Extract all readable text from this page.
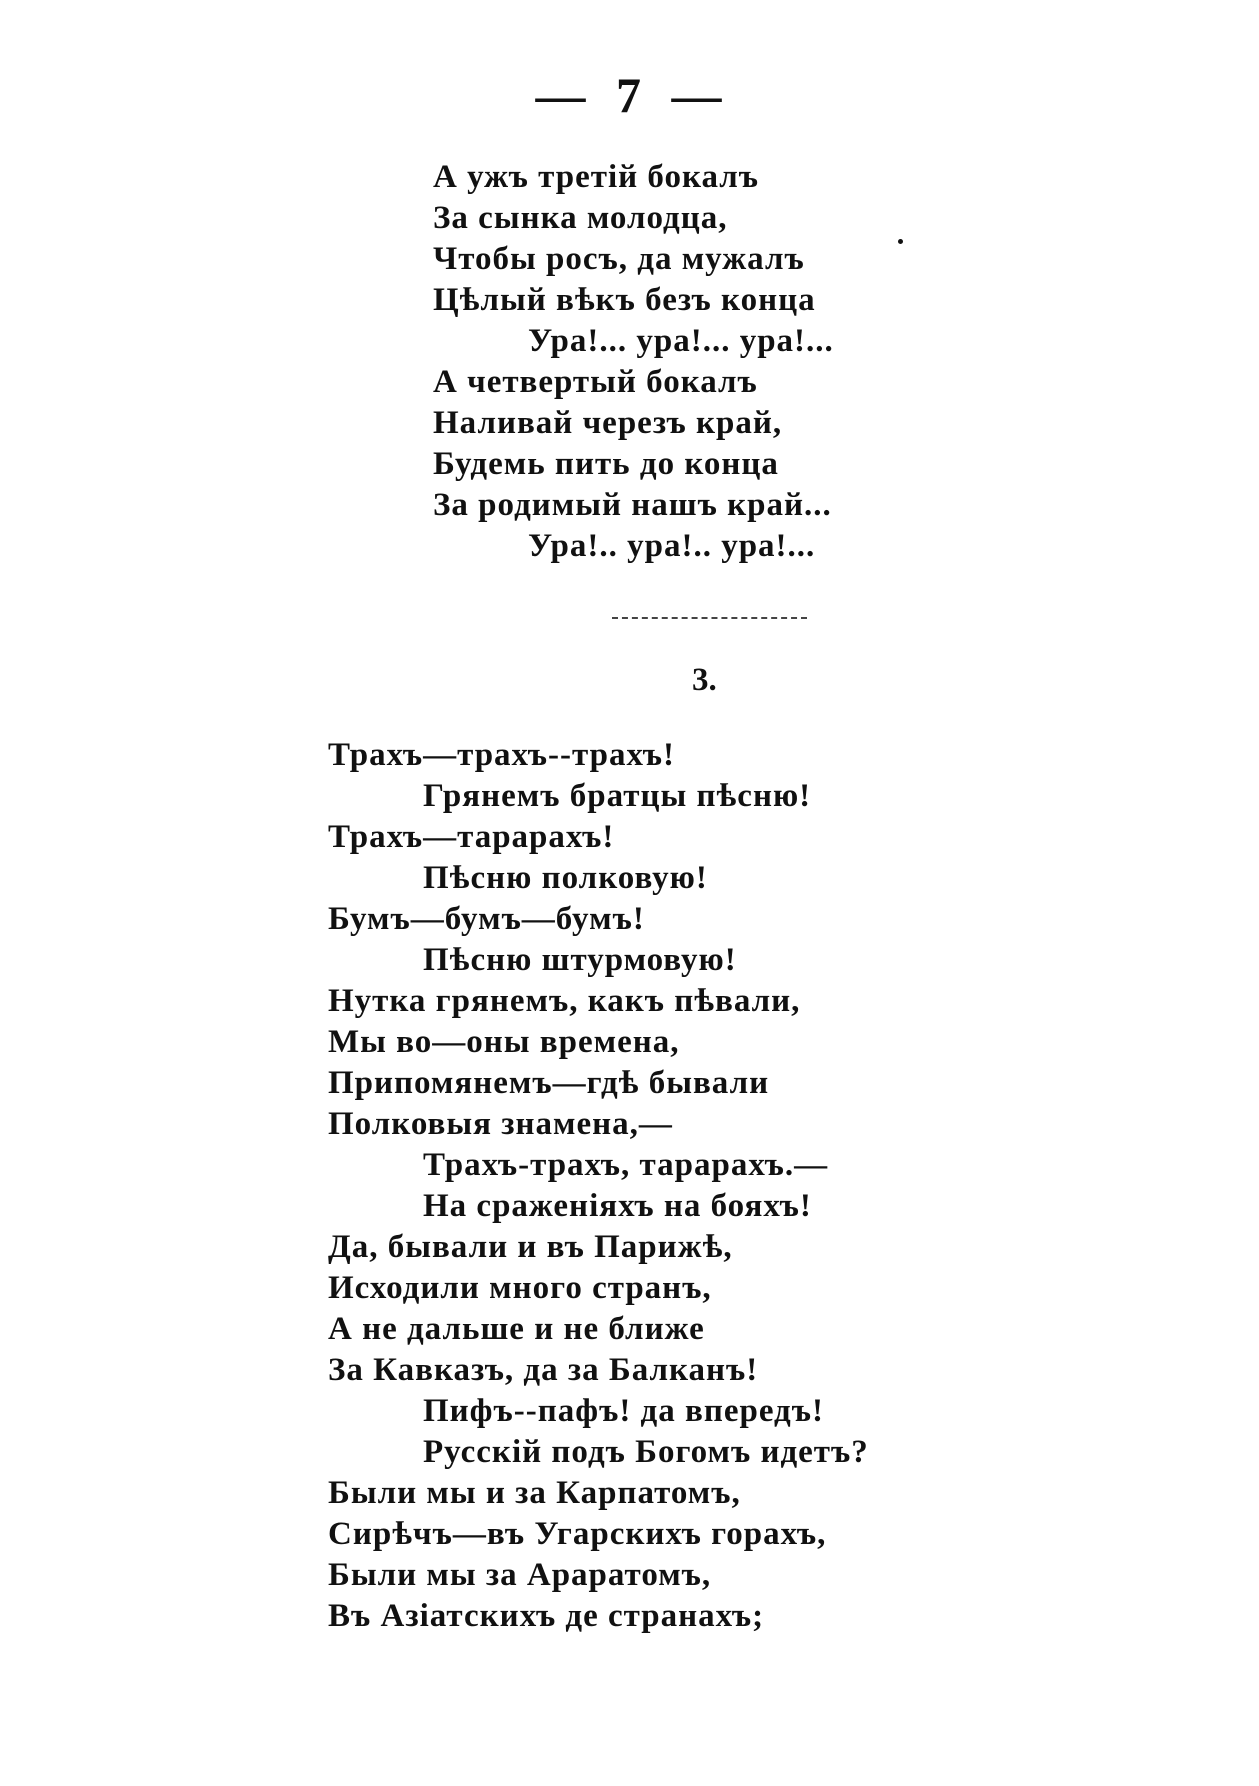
— 7 —
А ужъ третій бокалъ
За сынка молодца,
Чтобы росъ, да мужалъ
Цѣлый вѣкъ безъ конца
Ура!... ура!... ура!...
А четвертый бокалъ
Наливай черезъ край,
Будемь пить до конца
За родимый нашъ край...
Ура!.. ура!.. ура!...
3.
Трахъ—трахъ--трахъ!
Грянемъ братцы пѣсню!
Трахъ—тарарахъ!
Пѣсню полковую!
Бумъ—бумъ—бумъ!
Пѣсню штурмовую!
Нутка грянемъ, какъ пѣвали,
Мы во—оны времена,
Припомянемъ—гдѣ бывали
Полковыя знамена,—
Трахъ-трахъ, тарарахъ.—
На сраженіяхъ на бояхъ!
Да, бывали и въ Парижѣ,
Исходили много странъ,
А не дальше и не ближе
За Кавказъ, да за Балканъ!
Пифъ--пафъ! да впередъ!
Русскій подъ Богомъ идетъ?
Были мы и за Карпатомъ,
Сирѣчъ—въ Угарскихъ горахъ,
Были мы за Араратомъ,
Въ Азіатскихъ де странахъ;
